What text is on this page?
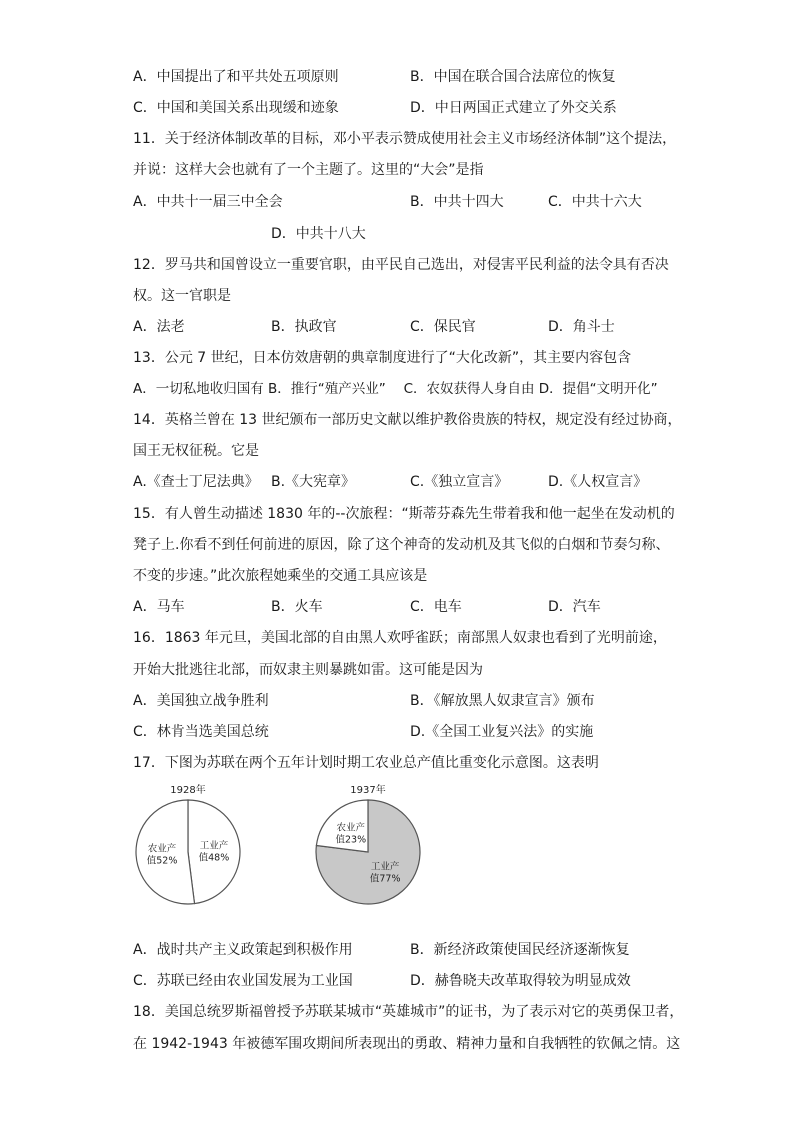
A．中国提出了和平共处五项原则	B．中国在联合国合法席位的恢复
C．中国和美国关系出现缓和迹象	D．中日两国正式建立了外交关系
11．关于经济体制改革的目标，邓小平表示赞成使用社会主义市场经济体制”这个提法，
并说：这样大会也就有了一个主题了。这里的“大会”是指
A．中共十一届三中全会	B．中共十四大	C．中共十六大
D．中共十八大
12．罗马共和国曾设立一重要官职，由平民自己选出，对侵害平民利益的法令具有否决
权。这一官职是
A．法老	B．执政官	C．保民官	D．角斗士
13．公元 7 世纪，日本仿效唐朝的典章制度进行了“大化改新”，其主要内容包含
A．一切私地收归国有 B．推行“殖产兴业”　 C．农奴获得人身自由 D．提倡“文明开化”
14．英格兰曾在 13 世纪颁布一部历史文献以维护教俗贵族的特权，规定没有经过协商，
国王无权征税。它是
A.《查士丁尼法典》 B.《大宪章》	C.《独立宣言》	D.《人权宣言》
15．有人曾生动描述 1830 年的--次旅程：“斯蒂芬森先生带着我和他一起坐在发动机的
凳子上.你看不到任何前进的原因，除了这个神奇的发动机及其飞似的白烟和节奏匀称、
不变的步速。”此次旅程她乘坐的交通工具应该是
A．马车	B．火车	C．电车	D．汽车
16．1863 年元旦，美国北部的自由黑人欢呼雀跃；南部黑人奴隶也看到了光明前途，
开始大批逃往北部，而奴隶主则暴跳如雷。这可能是因为
A．美国独立战争胜利	B．《解放黑人奴隶宣言》颁布
C．林肯当选美国总统	D.《全国工业复兴法》的实施
17．下图为苏联在两个五年计划时期工农业总产值比重变化示意图。这表明
1928年
工业产
值48%
农业产
值52%
1937年
工业产
值77%
农业产
值23%
A．战时共产主义政策起到积极作用	B．新经济政策使国民经济逐渐恢复
C．苏联已经由农业国发展为工业国	D．赫鲁晓夫改革取得较为明显成效
18．美国总统罗斯福曾授予苏联某城市“英雄城市”的证书，为了表示对它的英勇保卫者，
在 1942-1943 年被德军围攻期间所表现出的勇敢、精神力量和自我牺牲的钦佩之情。这
